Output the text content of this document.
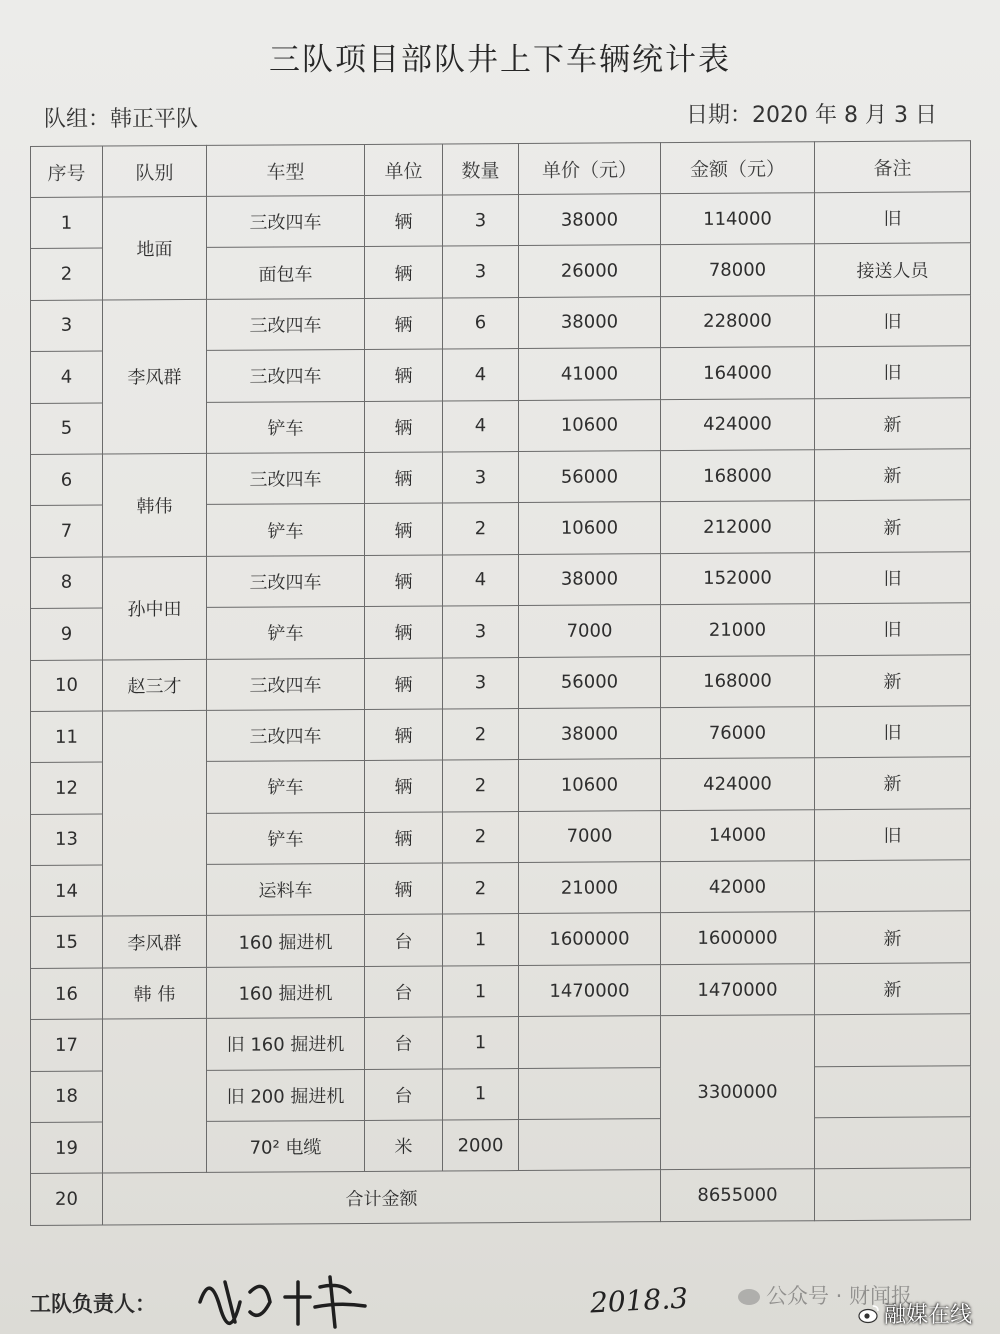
三队项目部队井上下车辆统计表
队组：韩正平队	日期：2020 年 8 月 3 日
序号	队别	车型	单位	数量	单价（元）	金额（元）	备注
1	地面	三改四车	辆	3	38000	114000	旧
2		面包车	辆	3	26000	78000	接送人员
3	李风群	三改四车	辆	6	38000	228000	旧
4		三改四车	辆	4	41000	164000	旧
5		铲车	辆	4	10600	424000	新
6	韩伟	三改四车	辆	3	56000	168000	新
7		铲车	辆	2	10600	212000	新
8	孙中田	三改四车	辆	4	38000	152000	旧
9		铲车	辆	3	7000	21000	旧
10	赵三才	三改四车	辆	3	56000	168000	新
11		三改四车	辆	2	38000	76000	旧
12		铲车	辆	2	10600	424000	新
13		铲车	辆	2	7000	14000	旧
14		运料车	辆	2	21000	42000	
15	李风群	160 掘进机	台	1	1600000	1600000	新
16	韩 伟	160 掘进机	台	1	1470000	1470000	新
17		旧 160 掘进机	台	1		3300000	
18		旧 200 掘进机	台	1			
19		70² 电缆	米	2000			
20	合计金额					8655000	
工队负责人：	2018.3	公众号 · 财闻报
融媒在线
